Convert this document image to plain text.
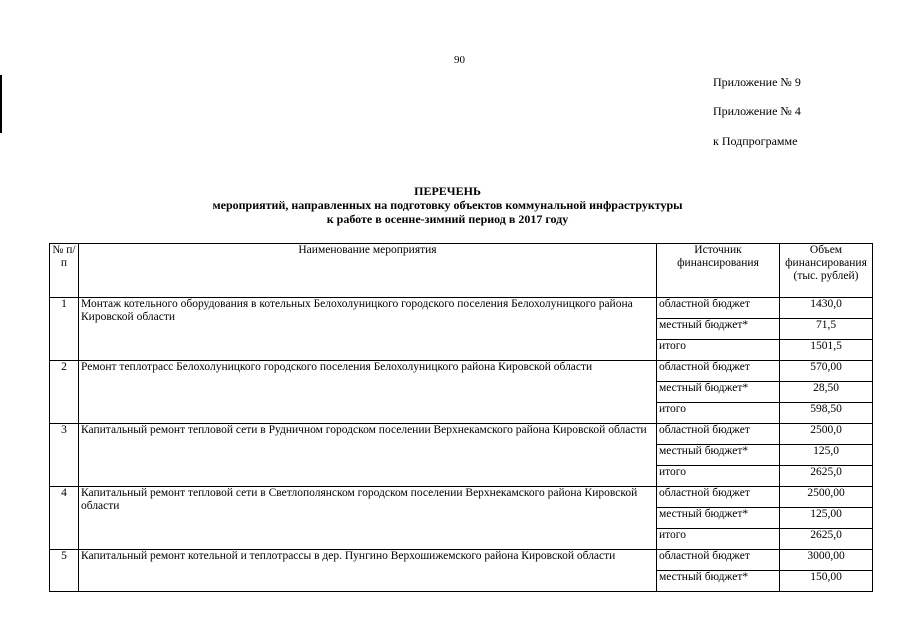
90
Приложение № 9
Приложение № 4
к Подпрограмме
ПЕРЕЧЕНЬ
мероприятий, направленных на подготовку объектов коммунальной инфраструктуры
к работе в осенне-зимний период в 2017 году
№ п/п	Наименование мероприятия	Источник финансирования	Объем финансирования (тыс. рублей)
1	Монтаж котельного оборудования в котельных Белохолуницкого городского поселения Белохолуницкого района Кировской области	областной бюджет	1430,0
		местный бюджет*	71,5
		итого	1501,5
2	Ремонт теплотрасс Белохолуницкого городского поселения Белохолуницкого района Кировской области	областной бюджет	570,00
		местный бюджет*	28,50
		итого	598,50
3	Капитальный ремонт тепловой сети в Рудничном городском поселении Верхнекамского района Кировской области	областной бюджет	2500,0
		местный бюджет*	125,0
		итого	2625,0
4	Капитальный ремонт тепловой сети в Светлополянском городском поселении Верхнекамского района Кировской области	областной бюджет	2500,00
		местный бюджет*	125,00
		итого	2625,0
5	Капитальный ремонт котельной и теплотрассы в дер. Пунгино Верхошижемского района Кировской области	областной бюджет	3000,00
		местный бюджет*	150,00
